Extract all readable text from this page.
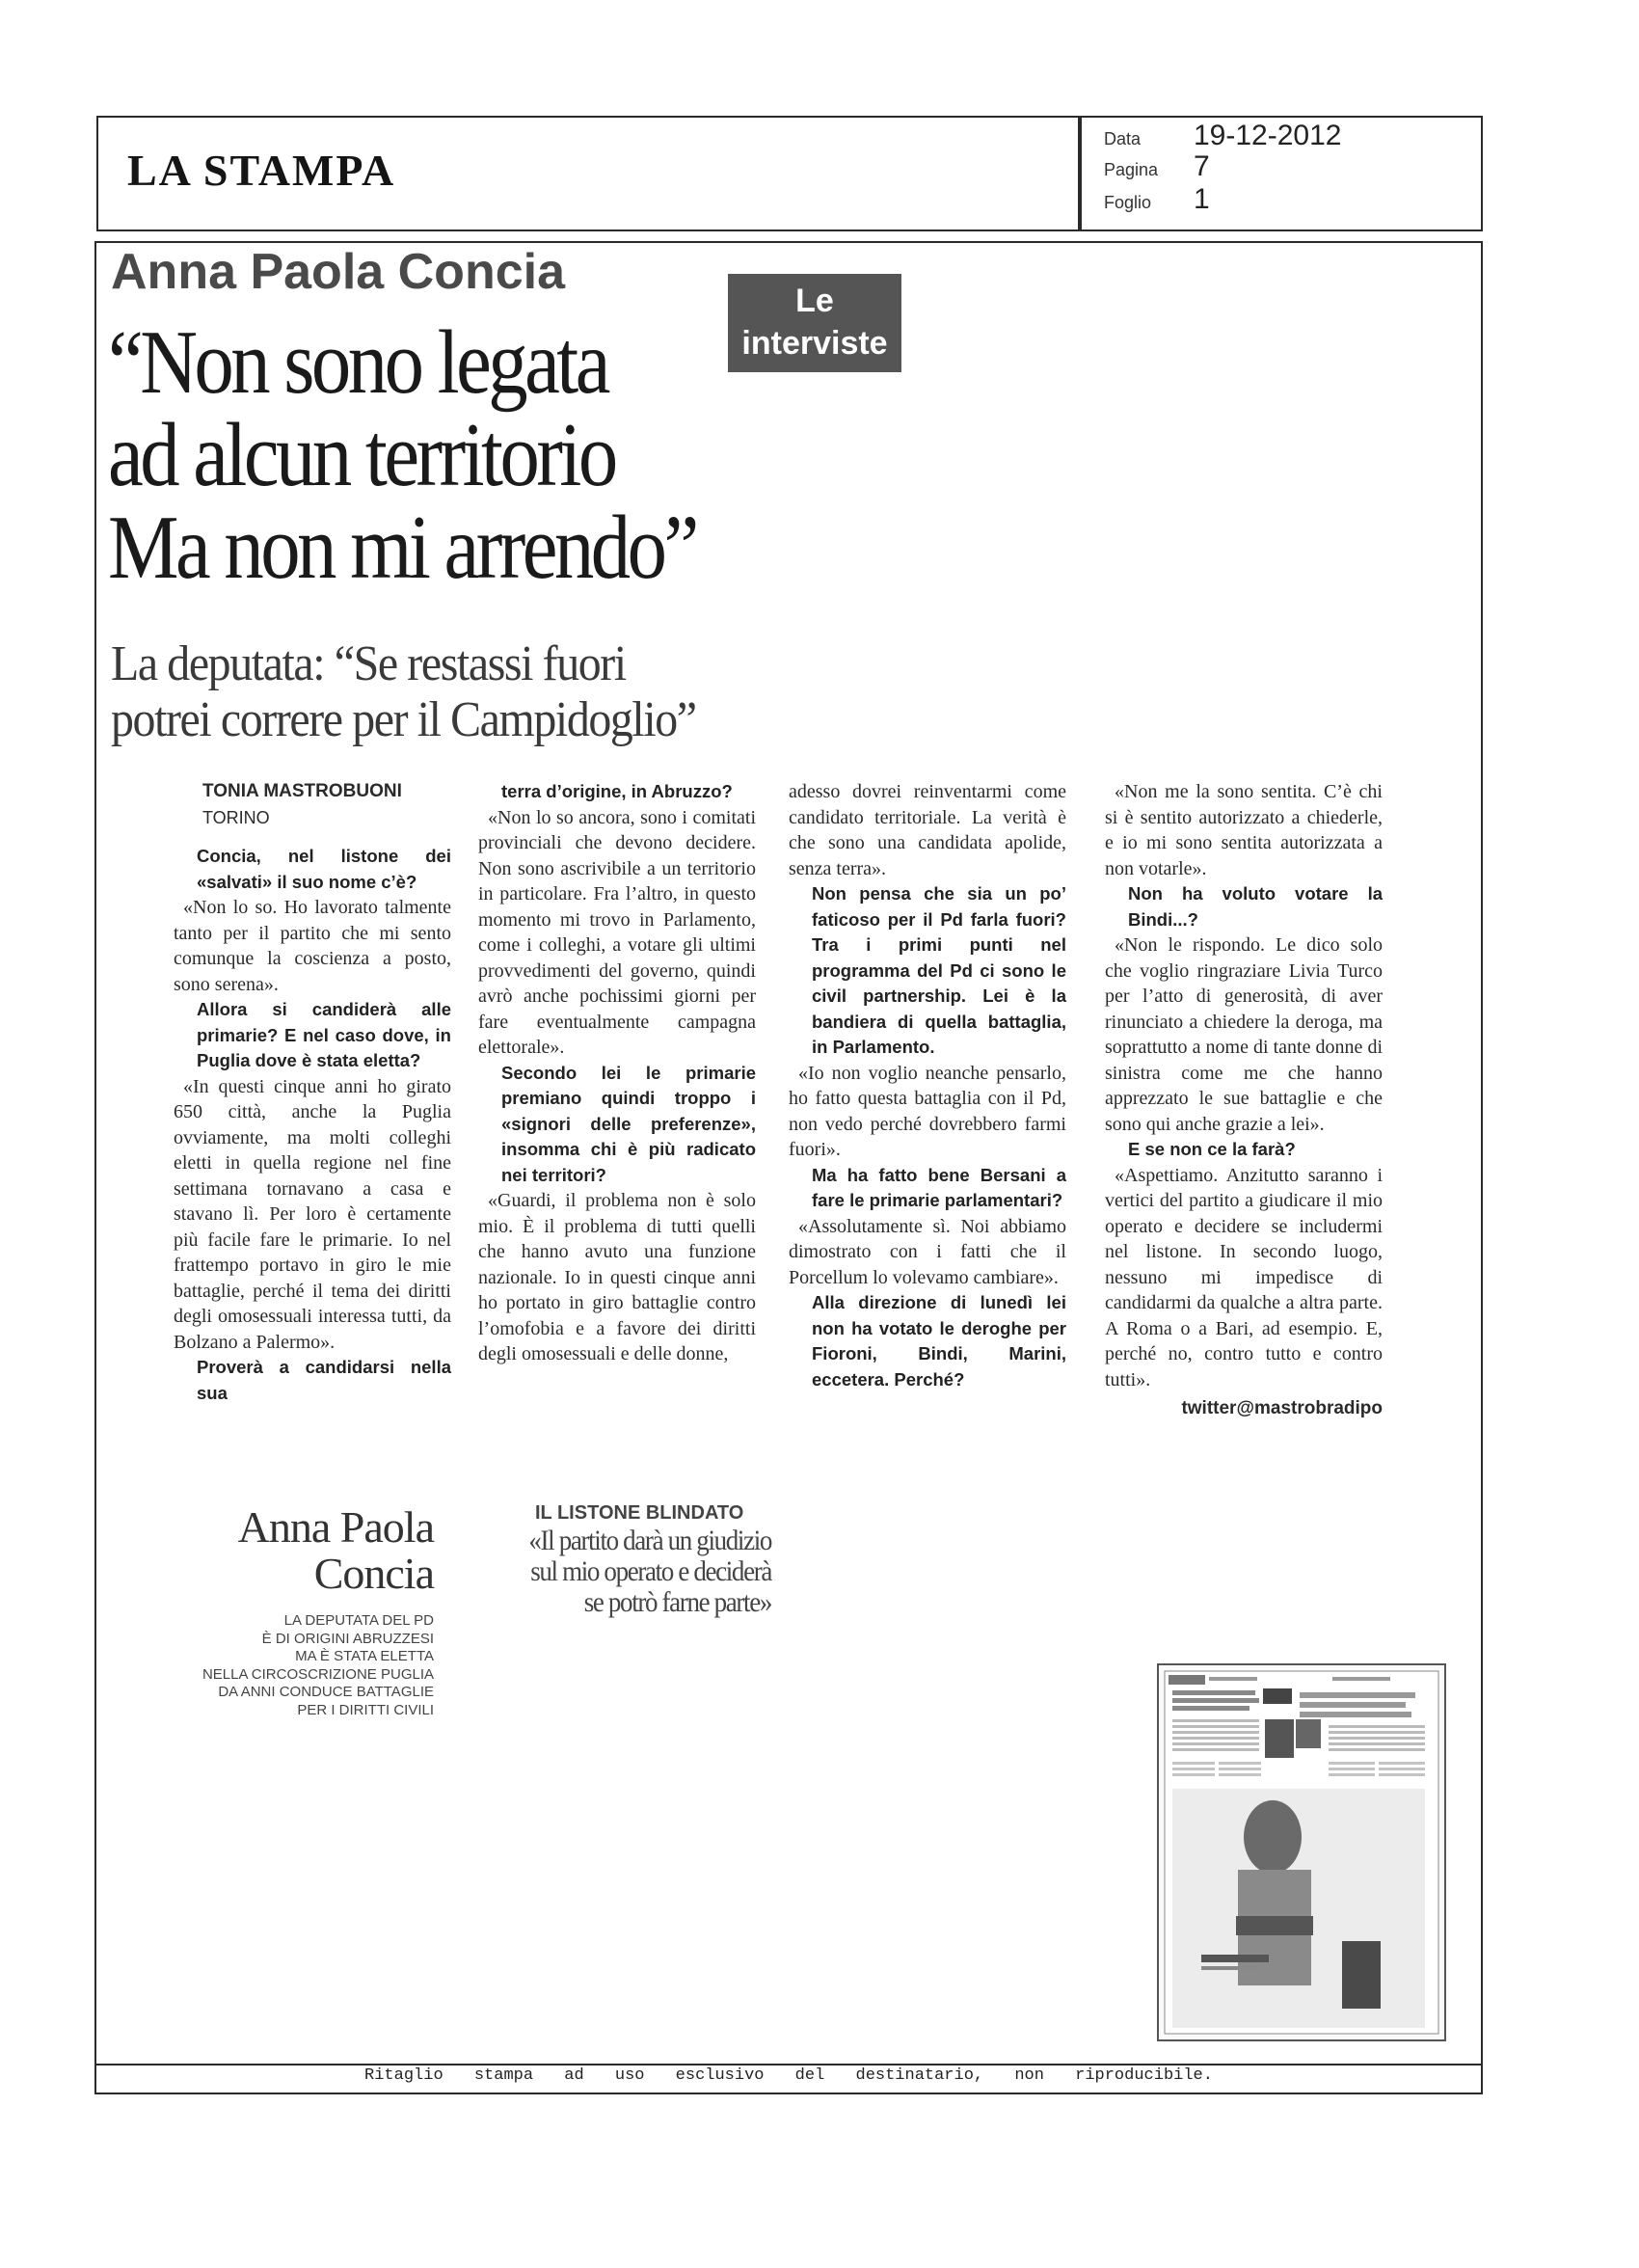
LA STAMPA
Data 19-12-2012
Pagina 7
Foglio 1
Anna Paola Concia
Le
interviste
“Non sono legata
ad alcun territorio
Ma non mi arrendo”
La deputata: “Se restassi fuori
potrei correre per il Campidoglio”

TONIA MASTROBUONI

TORINO

Concia, nel listone dei «salvati» il suo nome c’è?

«Non lo so. Ho lavorato talmente tanto per il partito che mi sento comunque la coscienza a posto, sono serena».

Allora si candiderà alle primarie? E nel caso dove, in Puglia dove è stata eletta?

«In questi cinque anni ho girato 650 città, anche la Puglia ovviamente, ma molti colleghi eletti in quella regione nel fine settimana tornavano a casa e stavano lì. Per loro è certamente più facile fare le primarie. Io nel frattempo portavo in giro le mie battaglie, perché il tema dei diritti degli omosessuali interessa tutti, da Bolzano a Palermo».

Proverà a candidarsi nella sua

terra d’origine, in Abruzzo?

«Non lo so ancora, sono i comitati provinciali che devono decidere. Non sono ascrivibile a un territorio in particolare. Fra l’altro, in questo momento mi trovo in Parlamento, come i colleghi, a votare gli ultimi provvedimenti del governo, quindi avrò anche pochissimi giorni per fare eventualmente campagna elettorale».

Secondo lei le primarie premiano quindi troppo i «signori delle preferenze», insomma chi è più radicato nei territori?

«Guardi, il problema non è solo mio. È il problema di tutti quelli che hanno avuto una funzione nazionale. Io in questi cinque anni ho portato in giro battaglie contro l’omofobia e a favore dei diritti degli omosessuali e delle donne,

adesso dovrei reinventarmi come candidato territoriale. La verità è che sono una candidata apolide, senza terra».

Non pensa che sia un po’ faticoso per il Pd farla fuori? Tra i primi punti nel programma del Pd ci sono le civil partnership. Lei è la bandiera di quella battaglia, in Parlamento.

«Io non voglio neanche pensarlo, ho fatto questa battaglia con il Pd, non vedo perché dovrebbero farmi fuori».

Ma ha fatto bene Bersani a fare le primarie parlamentari?

«Assolutamente sì. Noi abbiamo dimostrato con i fatti che il Porcellum lo volevamo cambiare».

Alla direzione di lunedì lei non ha votato le deroghe per Fioroni, Bindi, Marini, eccetera. Perché?

«Non me la sono sentita. C’è chi si è sentito autorizzato a chiederle, e io mi sono sentita autorizzata a non votarle».

Non ha voluto votare la Bindi...?

«Non le rispondo. Le dico solo che voglio ringraziare Livia Turco per l’atto di generosità, di aver rinunciato a chiedere la deroga, ma soprattutto a nome di tante donne di sinistra come me che hanno apprezzato le sue battaglie e che sono qui anche grazie a lei».

E se non ce la farà?

«Aspettiamo. Anzitutto saranno i vertici del partito a giudicare il mio operato e decidere se includermi nel listone. In secondo luogo, nessuno mi impedisce di candidarmi da qualche a altra parte. A Roma o a Bari, ad esempio. E, perché no, contro tutto e contro tutti».

twitter@mastrobradipo

Anna Paola
Concia
LA DEPUTATA DEL PD
È DI ORIGINI ABRUZZESI
MA È STATA ELETTA
NELLA CIRCOSCRIZIONE PUGLIA
DA ANNI CONDUCE BATTAGLIE
PER I DIRITTI CIVILI
IL LISTONE BLINDATO
«Il partito darà un giudizio
sul mio operato e deciderà
se potrò farne parte»
Ritaglio stampa ad uso esclusivo del destinatario, non riproducibile.
